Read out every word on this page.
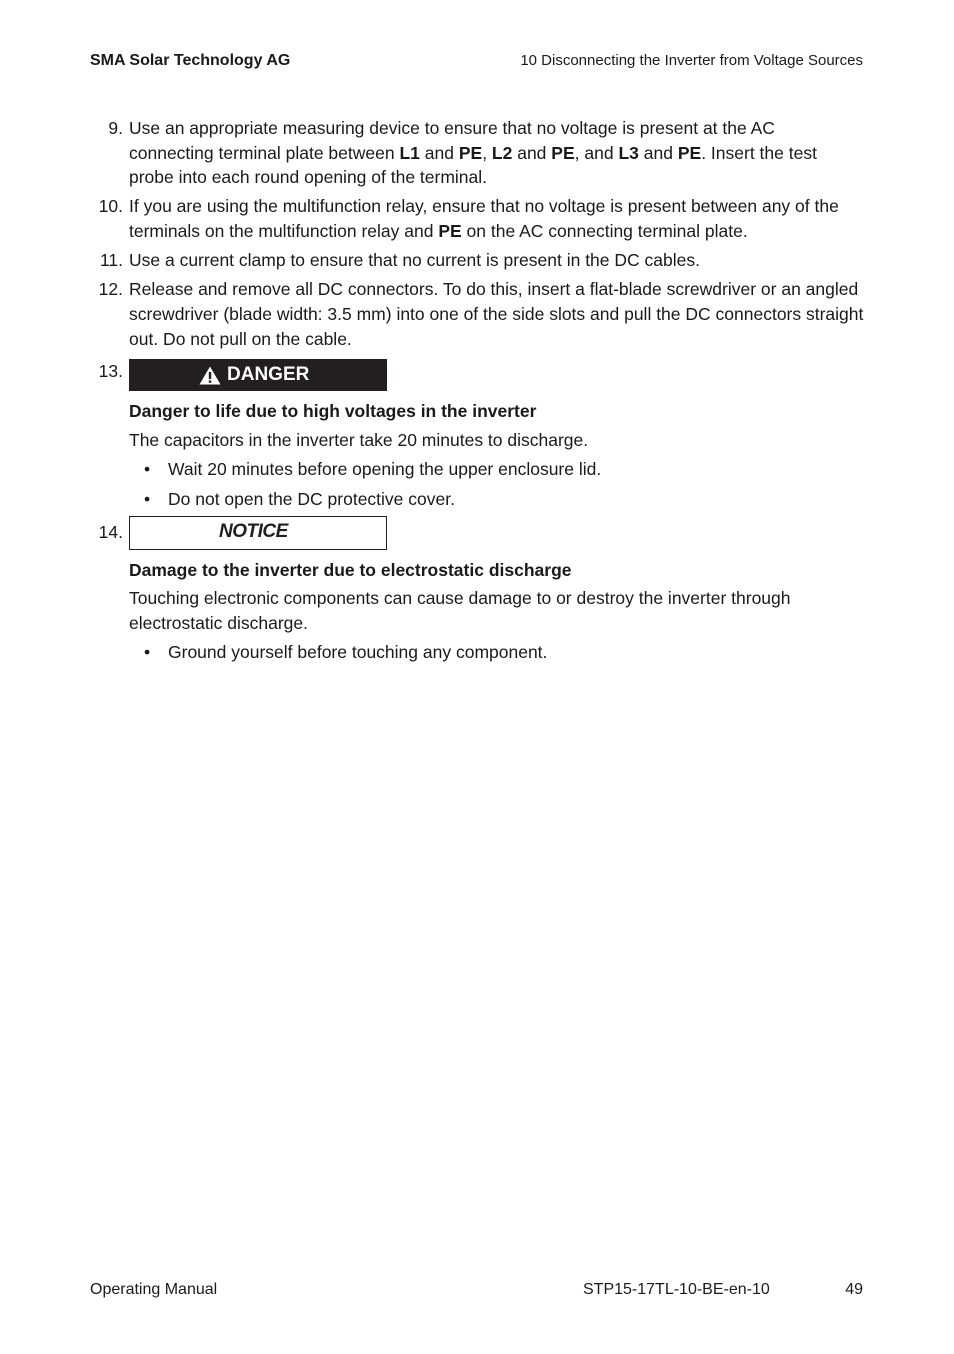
SMA Solar Technology AG	10 Disconnecting the Inverter from Voltage Sources
9. Use an appropriate measuring device to ensure that no voltage is present at the AC connecting terminal plate between L1 and PE, L2 and PE, and L3 and PE. Insert the test probe into each round opening of the terminal.
10. If you are using the multifunction relay, ensure that no voltage is present between any of the terminals on the multifunction relay and PE on the AC connecting terminal plate.
11. Use a current clamp to ensure that no current is present in the DC cables.
12. Release and remove all DC connectors. To do this, insert a flat-blade screwdriver or an angled screwdriver (blade width: 3.5 mm) into one of the side slots and pull the DC connectors straight out. Do not pull on the cable.
13.	DANGER
Danger to life due to high voltages in the inverter
The capacitors in the inverter take 20 minutes to discharge.
• Wait 20 minutes before opening the upper enclosure lid.
• Do not open the DC protective cover.
14.	NOTICE
Damage to the inverter due to electrostatic discharge
Touching electronic components can cause damage to or destroy the inverter through electrostatic discharge.
• Ground yourself before touching any component.
Operating Manual	STP15-17TL-10-BE-en-10	49
